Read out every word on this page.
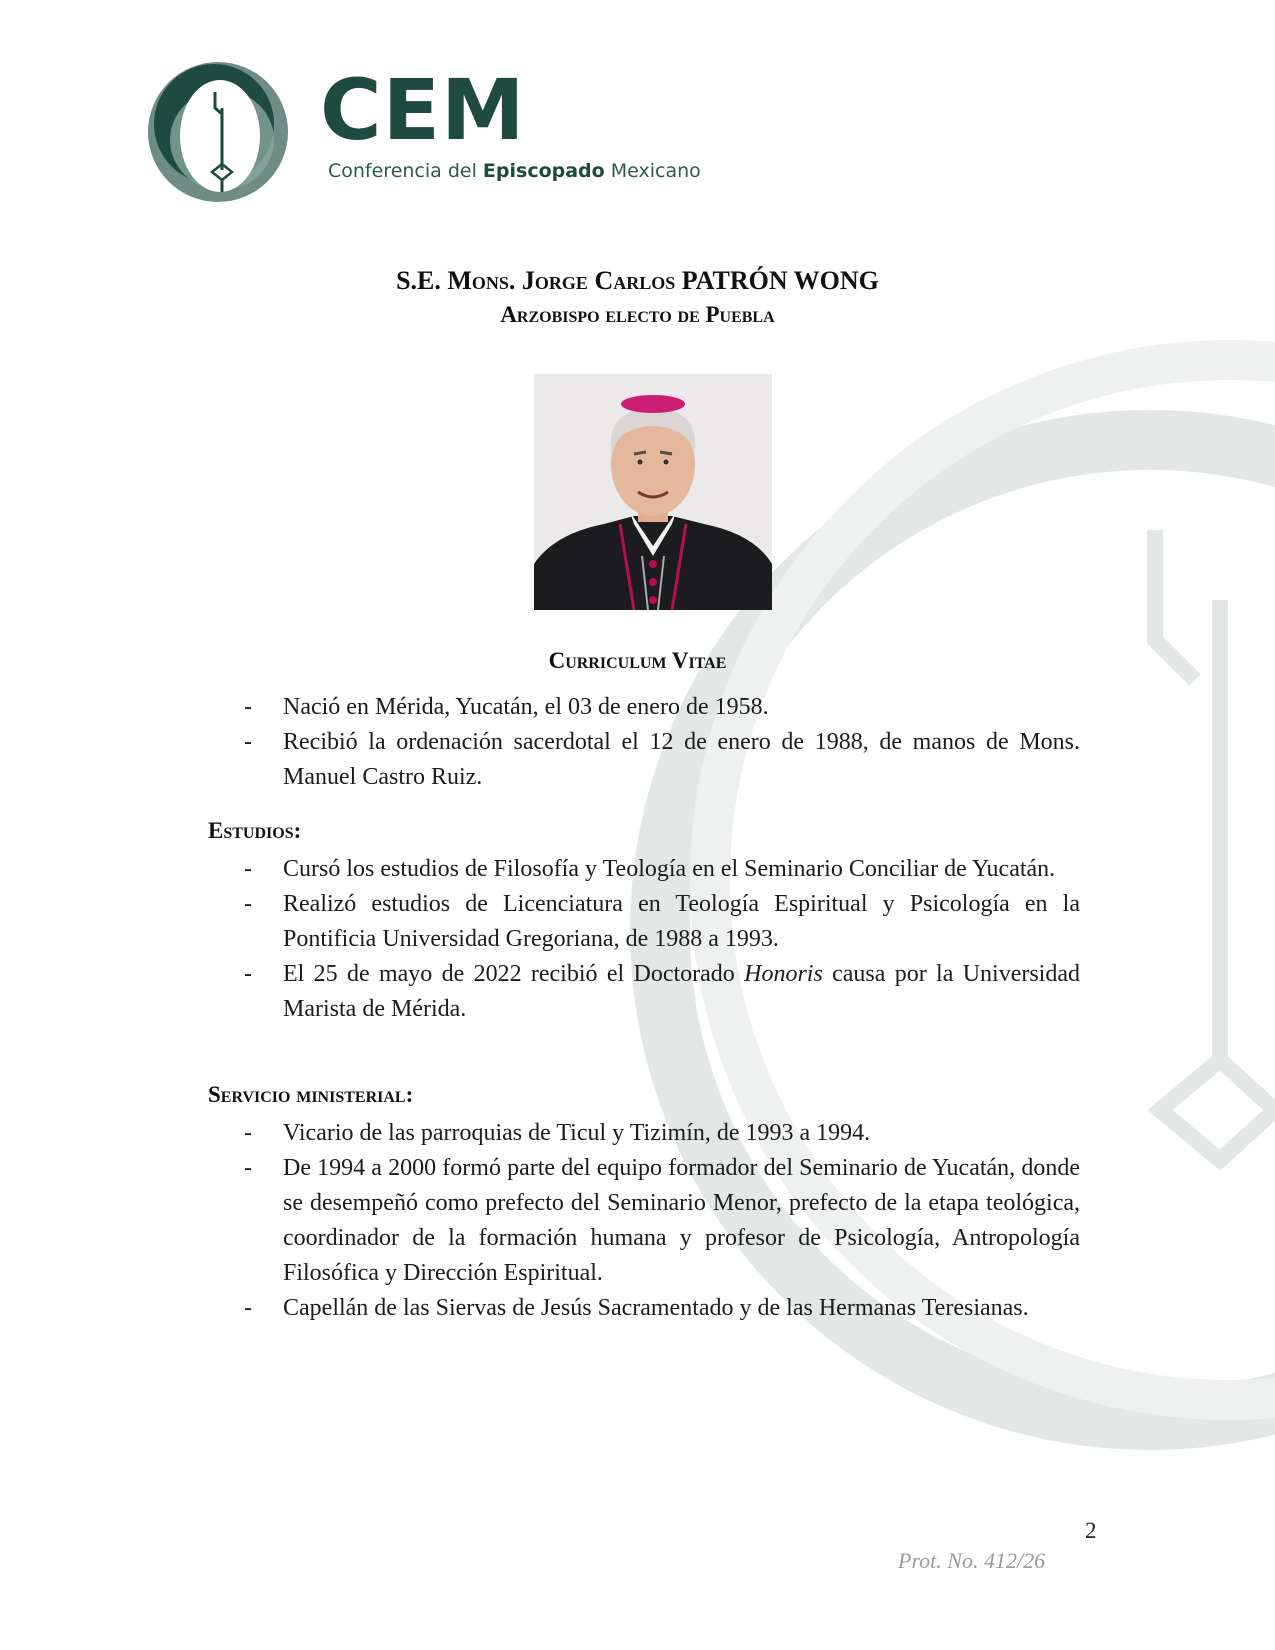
CEM
Conferencia del Episcopado Mexicano
S.E. Mons. Jorge Carlos PATRÓN WONG
Arzobispo electo de Puebla
Curriculum Vitae
- Nació en Mérida, Yucatán, el 03 de enero de 1958.
- Recibió la ordenación sacerdotal el 12 de enero de 1988, de manos de Mons. Manuel Castro Ruiz.
Estudios:
- Cursó los estudios de Filosofía y Teología en el Seminario Conciliar de Yucatán.
- Realizó estudios de Licenciatura en Teología Espiritual y Psicología en la Pontificia Universidad Gregoriana, de 1988 a 1993.
- El 25 de mayo de 2022 recibió el Doctorado Honoris causa por la Universidad Marista de Mérida.
Servicio ministerial:
- Vicario de las parroquias de Ticul y Tizimín, de 1993 a 1994.
- De 1994 a 2000 formó parte del equipo formador del Seminario de Yucatán, donde se desempeñó como prefecto del Seminario Menor, prefecto de la etapa teológica, coordinador de la formación humana y profesor de Psicología, Antropología Filosófica y Dirección Espiritual.
- Capellán de las Siervas de Jesús Sacramentado y de las Hermanas Teresianas.
2
Prot. No. 412/26
